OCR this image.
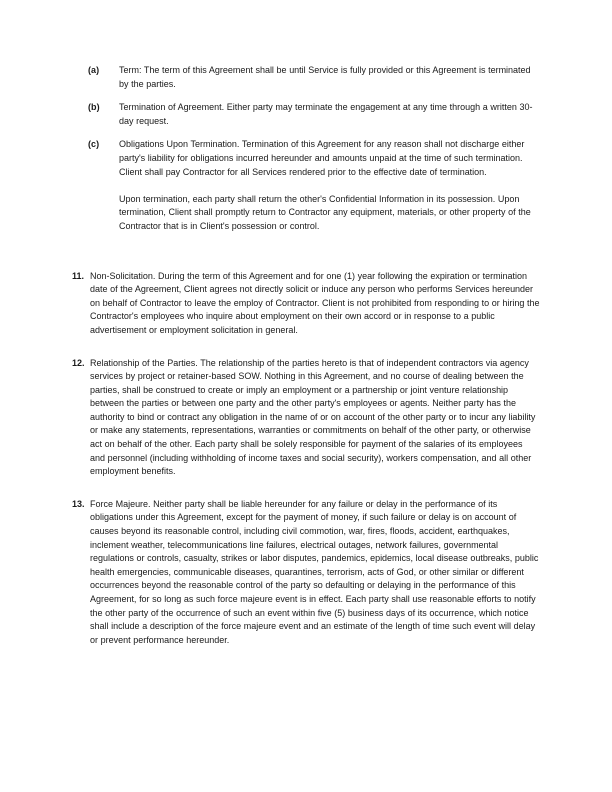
(a) Term: The term of this Agreement shall be until Service is fully provided or this Agreement is terminated by the parties.

(b) Termination of Agreement. Either party may terminate the engagement at any time through a written 30-day request.

(c) Obligations Upon Termination. Termination of this Agreement for any reason shall not discharge either party's liability for obligations incurred hereunder and amounts unpaid at the time of such termination. Client shall pay Contractor for all Services rendered prior to the effective date of termination.

Upon termination, each party shall return the other's Confidential Information in its possession. Upon termination, Client shall promptly return to Contractor any equipment, materials, or other property of the Contractor that is in Client's possession or control.

11. Non-Solicitation. During the term of this Agreement and for one (1) year following the expiration or termination date of the Agreement, Client agrees not directly solicit or induce any person who performs Services hereunder on behalf of Contractor to leave the employ of Contractor. Client is not prohibited from responding to or hiring the Contractor's employees who inquire about employment on their own accord or in response to a public advertisement or employment solicitation in general.

12. Relationship of the Parties. The relationship of the parties hereto is that of independent contractors via agency services by project or retainer-based SOW. Nothing in this Agreement, and no course of dealing between the parties, shall be construed to create or imply an employment or a partnership or joint venture relationship between the parties or between one party and the other party's employees or agents. Neither party has the authority to bind or contract any obligation in the name of or on account of the other party or to incur any liability or make any statements, representations, warranties or commitments on behalf of the other party, or otherwise act on behalf of the other. Each party shall be solely responsible for payment of the salaries of its employees and personnel (including withholding of income taxes and social security), workers compensation, and all other employment benefits.

13. Force Majeure. Neither party shall be liable hereunder for any failure or delay in the performance of its obligations under this Agreement, except for the payment of money, if such failure or delay is on account of causes beyond its reasonable control, including civil commotion, war, fires, floods, accident, earthquakes, inclement weather, telecommunications line failures, electrical outages, network failures, governmental regulations or controls, casualty, strikes or labor disputes, pandemics, epidemics, local disease outbreaks, public health emergencies, communicable diseases, quarantines, terrorism, acts of God, or other similar or different occurrences beyond the reasonable control of the party so defaulting or delaying in the performance of this Agreement, for so long as such force majeure event is in effect. Each party shall use reasonable efforts to notify the other party of the occurrence of such an event within five (5) business days of its occurrence, which notice shall include a description of the force majeure event and an estimate of the length of time such event will delay or prevent performance hereunder.
